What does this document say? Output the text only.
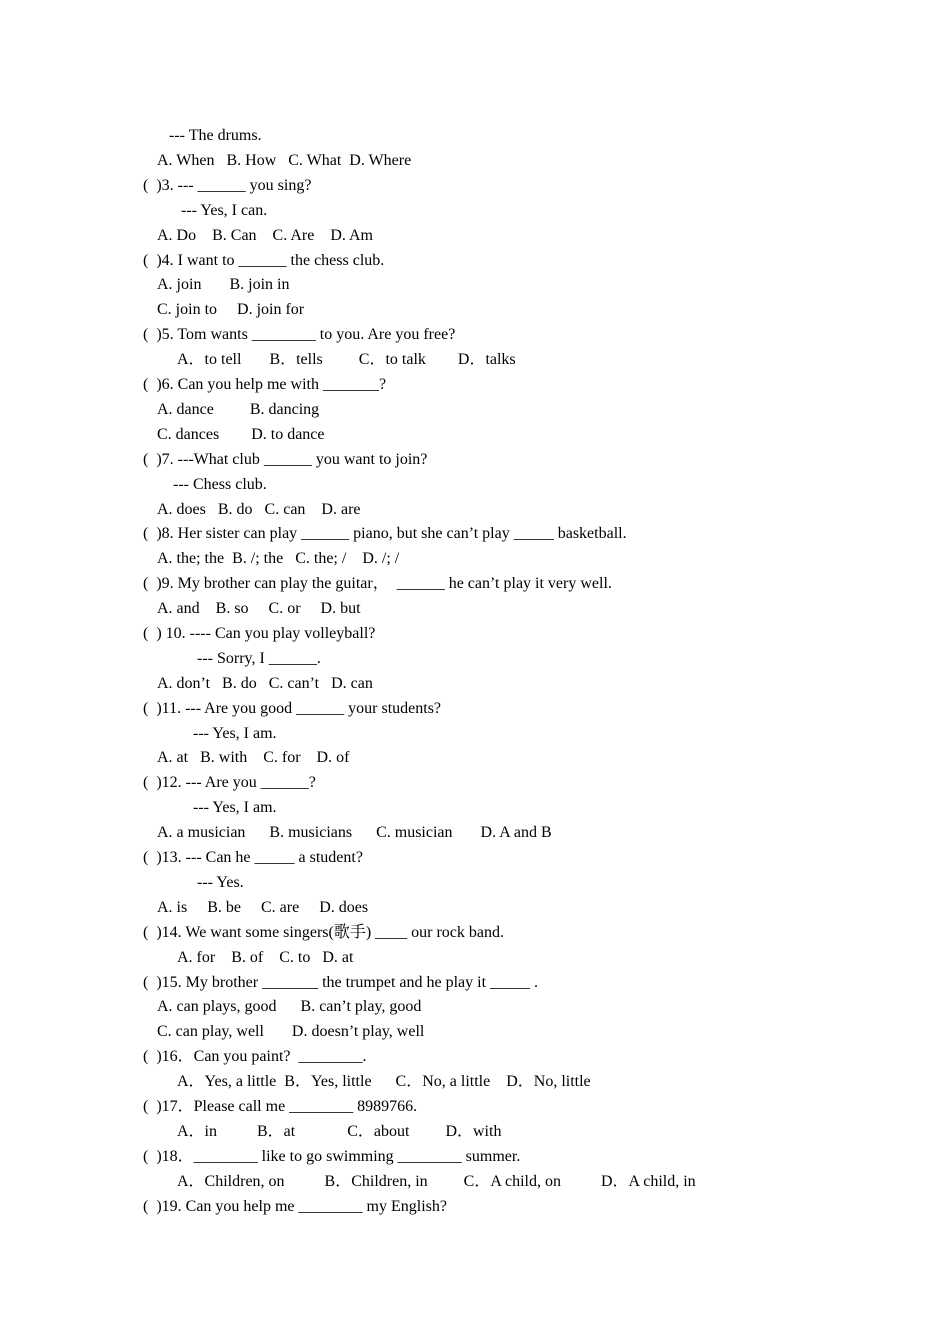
--- The drums.
A. When   B. How   C. What  D. Where
(  )3. --- ______ you sing?
--- Yes, I can.
A. Do    B. Can    C. Are    D. Am
(  )4. I want to ______ the chess club.
A. join       B. join in
C. join to     D. join for
(  )5. Tom wants ________ to you. Are you free?
A．to tell       B．tells         C．to talk        D．talks
(  )6. Can you help me with _______?
A. dance         B. dancing
C. dances        D. to dance
(  )7. ---What club ______ you want to join?
--- Chess club.
A. does   B. do   C. can    D. are
(  )8. Her sister can play ______ piano, but she can’t play _____ basketball.
A. the; the  B. /; the   C. the; /    D. /; /
(  )9. My brother can play the guitar，  ______ he can’t play it very well.
A. and    B. so     C. or     D. but
(  ) 10. ---- Can you play volleyball?
--- Sorry, I ______.
A. don’t   B. do   C. can’t   D. can
(  )11. --- Are you good ______ your students?
--- Yes, I am.
A. at   B. with    C. for    D. of
(  )12. --- Are you ______?
--- Yes, I am.
A. a musician      B. musicians      C. musician       D. A and B
(  )13. --- Can he _____ a student?
--- Yes.
A. is     B. be     C. are     D. does
(  )14. We want some singers(歌手) ____ our rock band.
A. for    B. of    C. to   D. at
(  )15. My brother _______ the trumpet and he play it _____ .
A. can plays, good      B. can’t play, good
C. can play, well       D. doesn’t play, well
(  )16．Can you paint?  ________.
A．Yes, a little  B．Yes, little      C．No, a little    D．No, little
(  )17．Please call me ________ 8989766.
A．in          B．at             C．about         D．with
(  )18．________ like to go swimming ________ summer.
A．Children, on          B．Children, in         C．A child, on          D．A child, in
(  )19. Can you help me ________ my English?
